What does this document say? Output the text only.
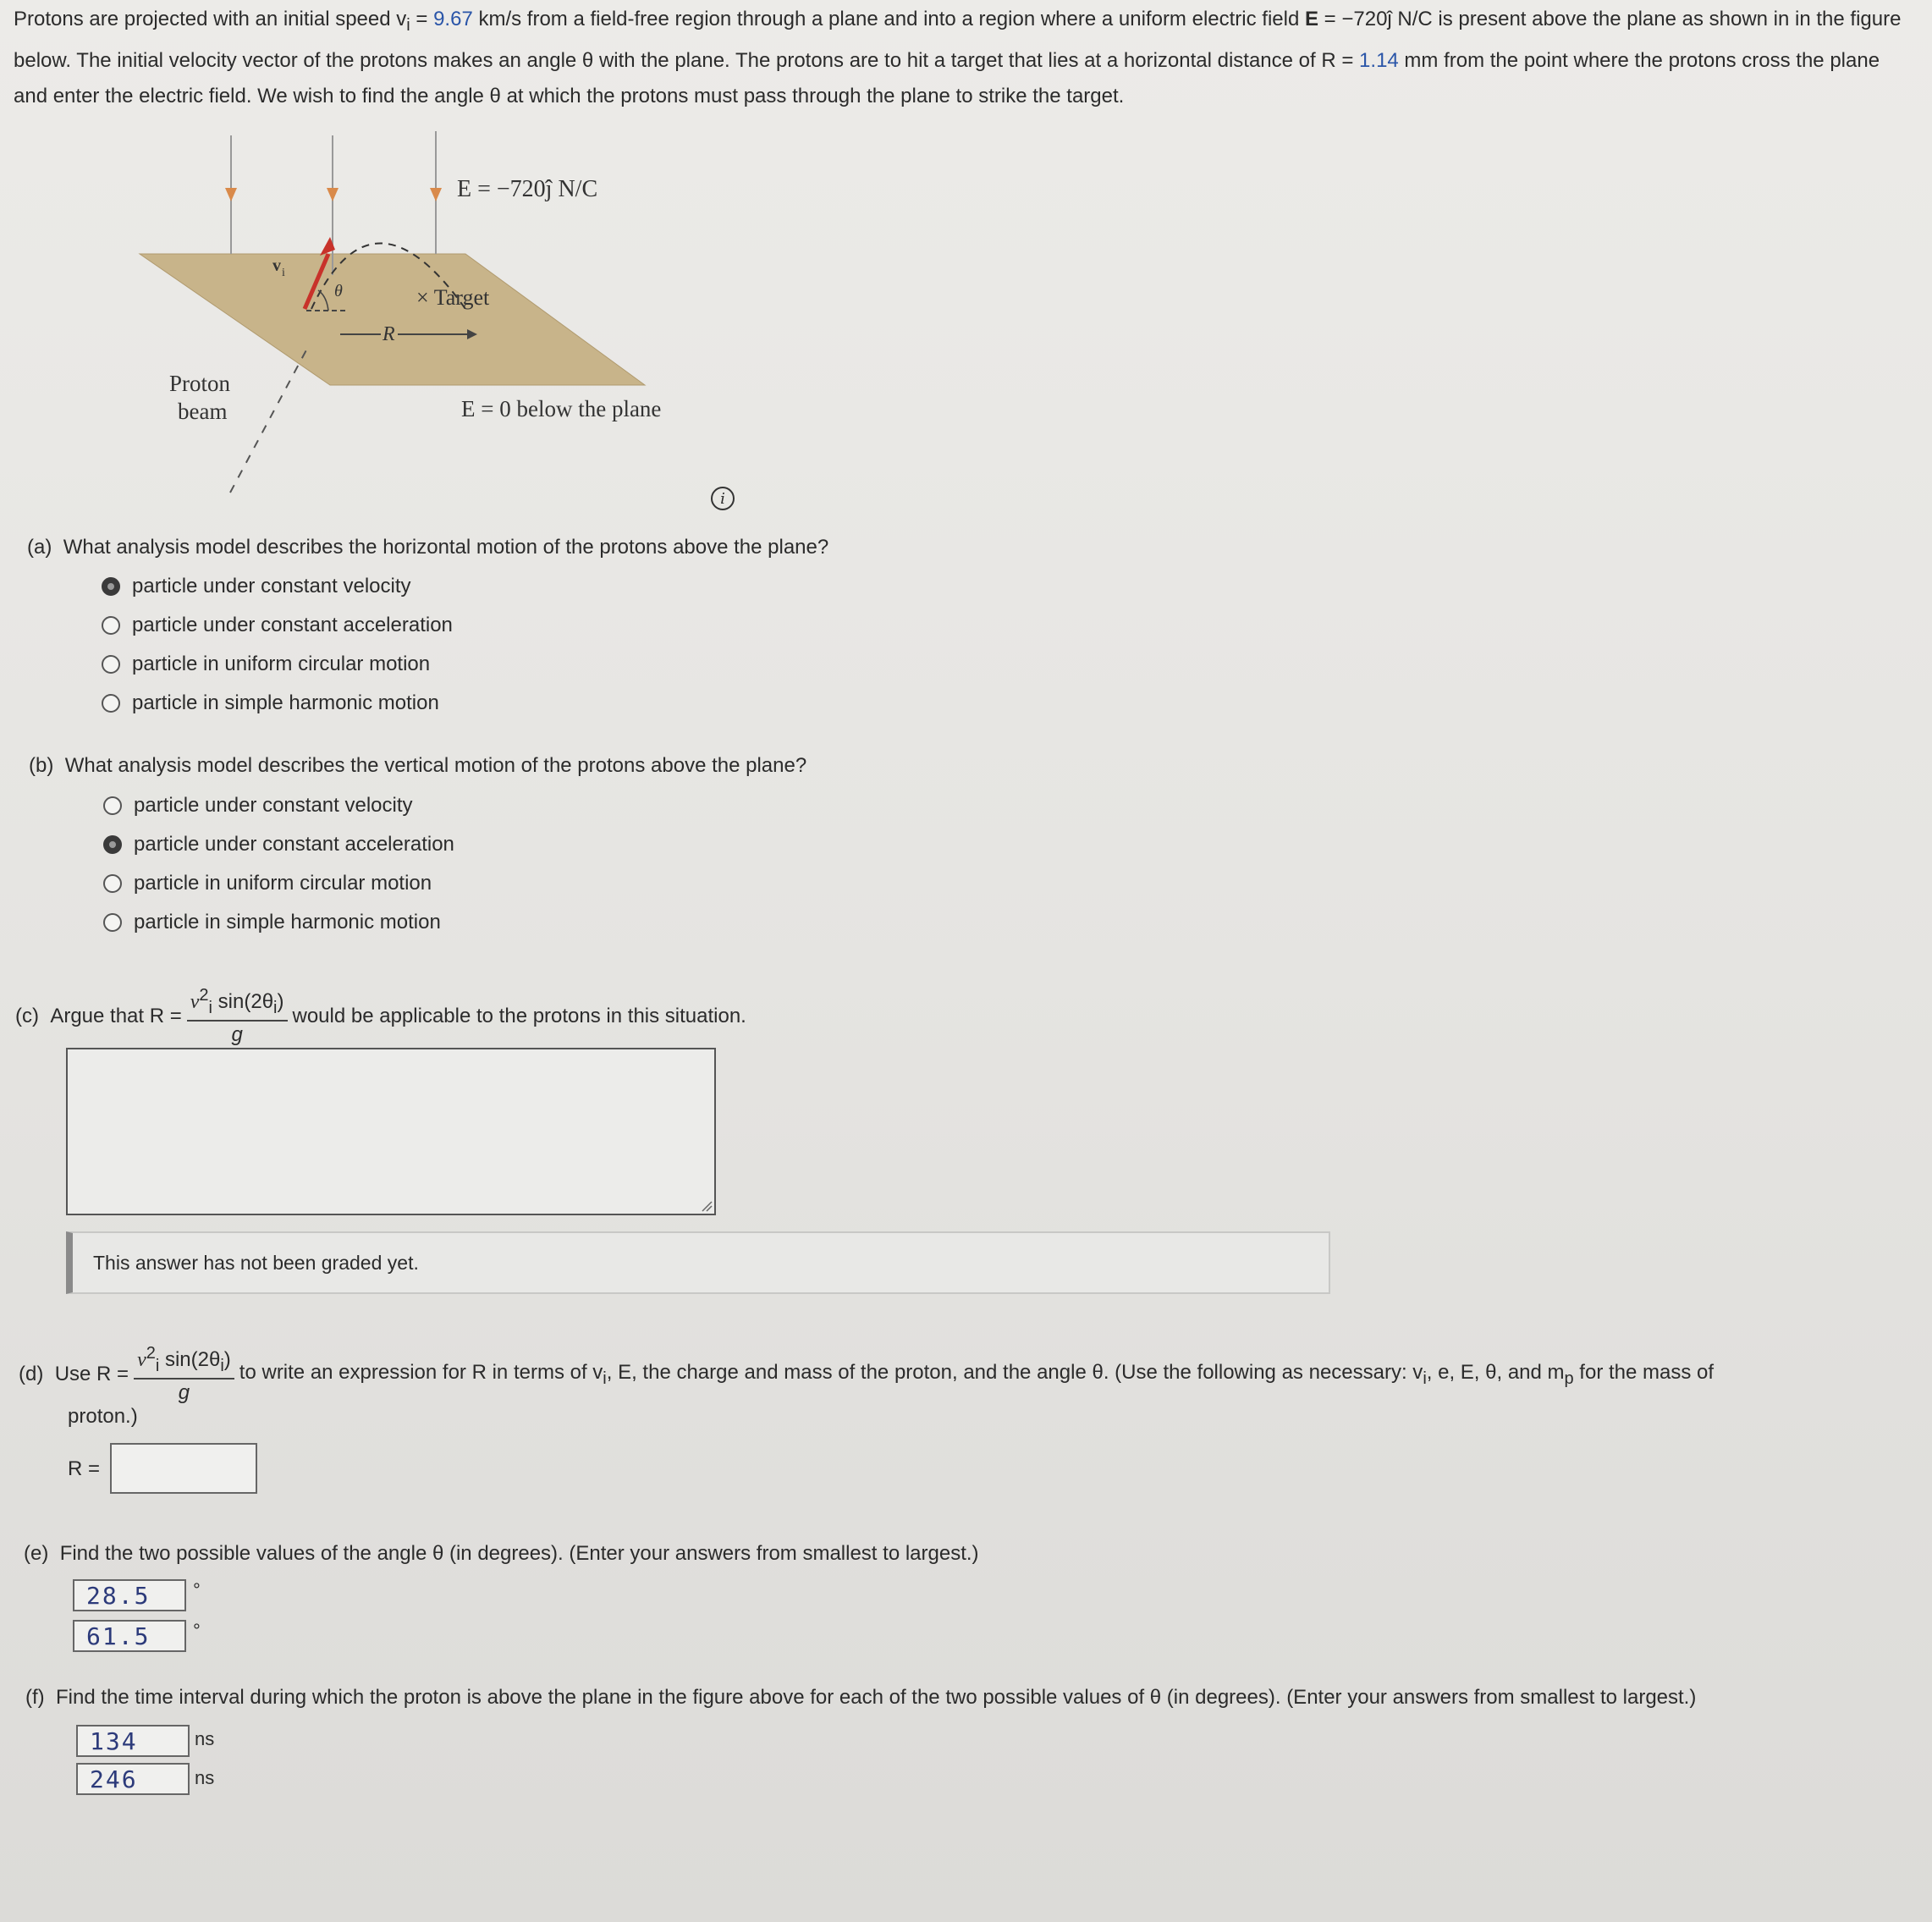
Protons are projected with an initial speed $v_i = 9.67$ km/s from a field-free region through a plane and into a region where a uniform electric field E = −720ĵ N/C is present above the plane as shown in in the figure below. The initial velocity vector of the protons makes an angle θ with the plane. The protons are to hit a target that lies at a horizontal distance of R = 1.14 mm from the point where the protons cross the plane and enter the electric field. We wish to find the angle θ at which the protons must pass through the plane to strike the target.
R
θ
v i
× Target
E = −720ĵ N/C
E = 0 below the plane
Proton
beam
i
(a) What analysis model describes the horizontal motion of the protons above the plane?
particle under constant velocity
particle under constant acceleration
particle in uniform circular motion
particle in simple harmonic motion
(b) What analysis model describes the vertical motion of the protons above the plane?
particle under constant velocity
particle under constant acceleration
particle in uniform circular motion
particle in simple harmonic motion
(c)
Argue that $R = \frac{v^2_i \sin(2\theta_i)}{g}$ would be applicable to the protons in this situation.
This answer has not been graded yet.
(d)
Use $R = \frac{v^2_i \sin(2\theta_i)}{g}$ to write an expression for R in terms of $v_i$, E, the charge and mass of the proton, and the angle θ. (Use the following as necessary: $v_i$, e, E, θ, and $m_p$ for the mass of
proton.)
R =
(e) Find the two possible values of the angle θ (in degrees). (Enter your answers from smallest to largest.)
28.5 °
61.5 °
(f) Find the time interval during which the proton is above the plane in the figure above for each of the two possible values of θ (in degrees). (Enter your answers from smallest to largest.)
134	ns
246	ns
